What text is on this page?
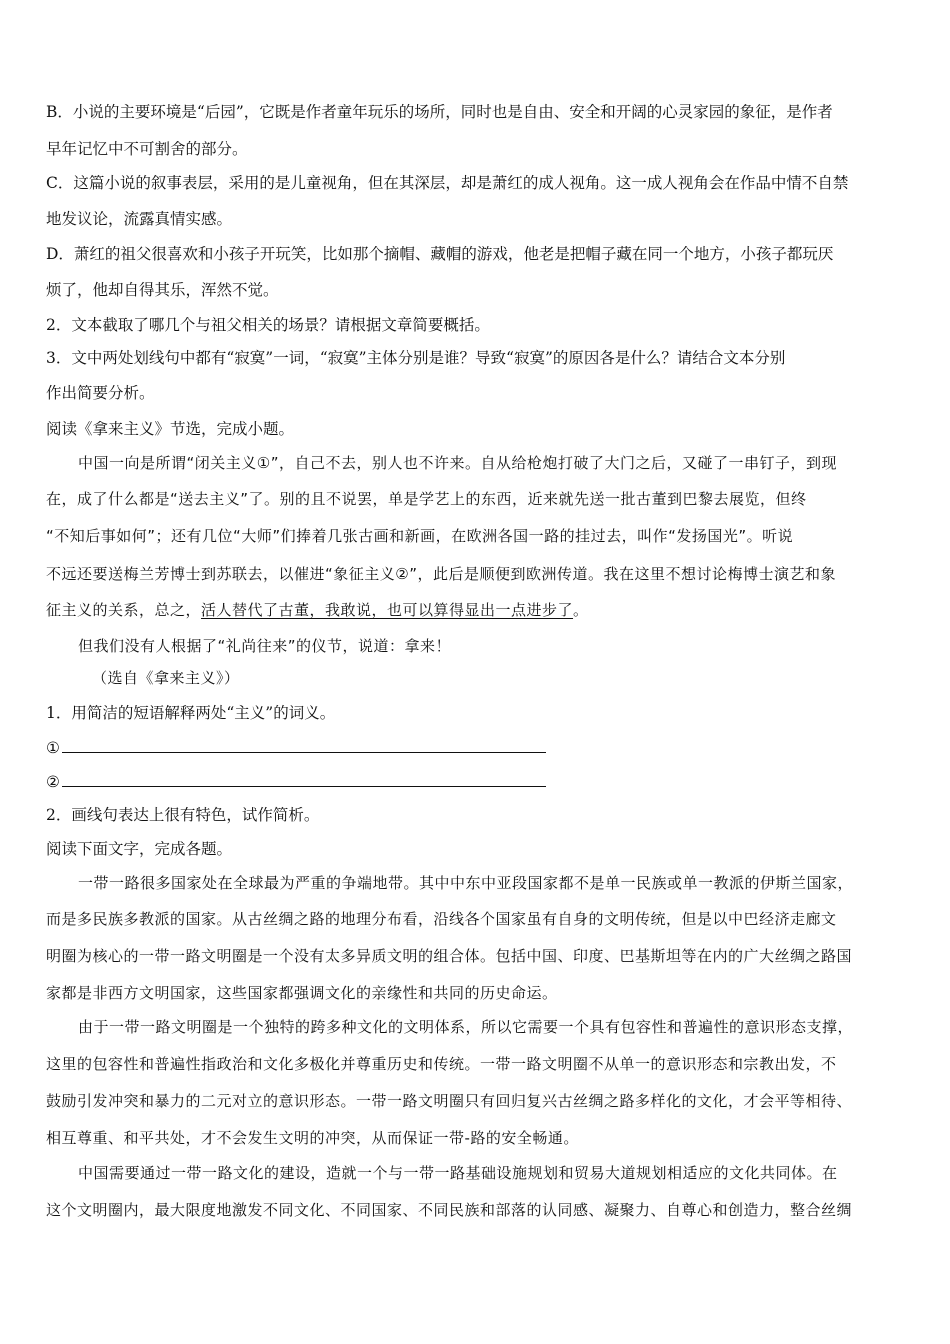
B．小说的主要环境是“后园”，它既是作者童年玩乐的场所，同时也是自由、安全和开阔的心灵家园的象征，是作者
早年记忆中不可割舍的部分。
C．这篇小说的叙事表层，采用的是儿童视角，但在其深层，却是萧红的成人视角。这一成人视角会在作品中情不自禁
地发议论，流露真情实感。
D．萧红的祖父很喜欢和小孩子开玩笑，比如那个摘帽、藏帽的游戏，他老是把帽子藏在同一个地方，小孩子都玩厌
烦了，他却自得其乐，浑然不觉。
2．文本截取了哪几个与祖父相关的场景？请根据文章简要概括。
3．文中两处划线句中都有“寂寞”一词，“寂寞”主体分别是谁？导致“寂寞”的原因各是什么？请结合文本分别
作出简要分析。
阅读《拿来主义》节选，完成小题。
中国一向是所谓“闭关主义①”，自己不去，别人也不许来。自从给枪炮打破了大门之后，又碰了一串钉子，到现
在，成了什么都是“送去主义”了。别的且不说罢，单是学艺上的东西，近来就先送一批古董到巴黎去展览，但终
“不知后事如何”；还有几位“大师”们捧着几张古画和新画，在欧洲各国一路的挂过去，叫作“发扬国光”。听说
不远还要送梅兰芳博士到苏联去，以催进“象征主义②”，此后是顺便到欧洲传道。我在这里不想讨论梅博士演艺和象
征主义的关系，总之，活人替代了古董，我敢说，也可以算得显出一点进步了。
但我们没有人根据了“礼尚往来”的仪节，说道：拿来！
（选自《拿来主义》）
1．用简洁的短语解释两处“主义”的词义。
①
②
2．画线句表达上很有特色，试作简析。
阅读下面文字，完成各题。
一带一路很多国家处在全球最为严重的争端地带。其中中东中亚段国家都不是单一民族或单一教派的伊斯兰国家，
而是多民族多教派的国家。从古丝绸之路的地理分布看，沿线各个国家虽有自身的文明传统，但是以中巴经济走廊文
明圈为核心的一带一路文明圈是一个没有太多异质文明的组合体。包括中国、印度、巴基斯坦等在内的广大丝绸之路国
家都是非西方文明国家，这些国家都强调文化的亲缘性和共同的历史命运。
由于一带一路文明圈是一个独特的跨多种文化的文明体系，所以它需要一个具有包容性和普遍性的意识形态支撑，
这里的包容性和普遍性指政治和文化多极化并尊重历史和传统。一带一路文明圈不从单一的意识形态和宗教出发，不
鼓励引发冲突和暴力的二元对立的意识形态。一带一路文明圈只有回归复兴古丝绸之路多样化的文化，才会平等相待、
相互尊重、和平共处，才不会发生文明的冲突，从而保证一带-路的安全畅通。
中国需要通过一带一路文化的建设，造就一个与一带一路基础设施规划和贸易大道规划相适应的文化共同体。在
这个文明圈内，最大限度地激发不同文化、不同国家、不同民族和部落的认同感、凝聚力、自尊心和创造力，整合丝绸
